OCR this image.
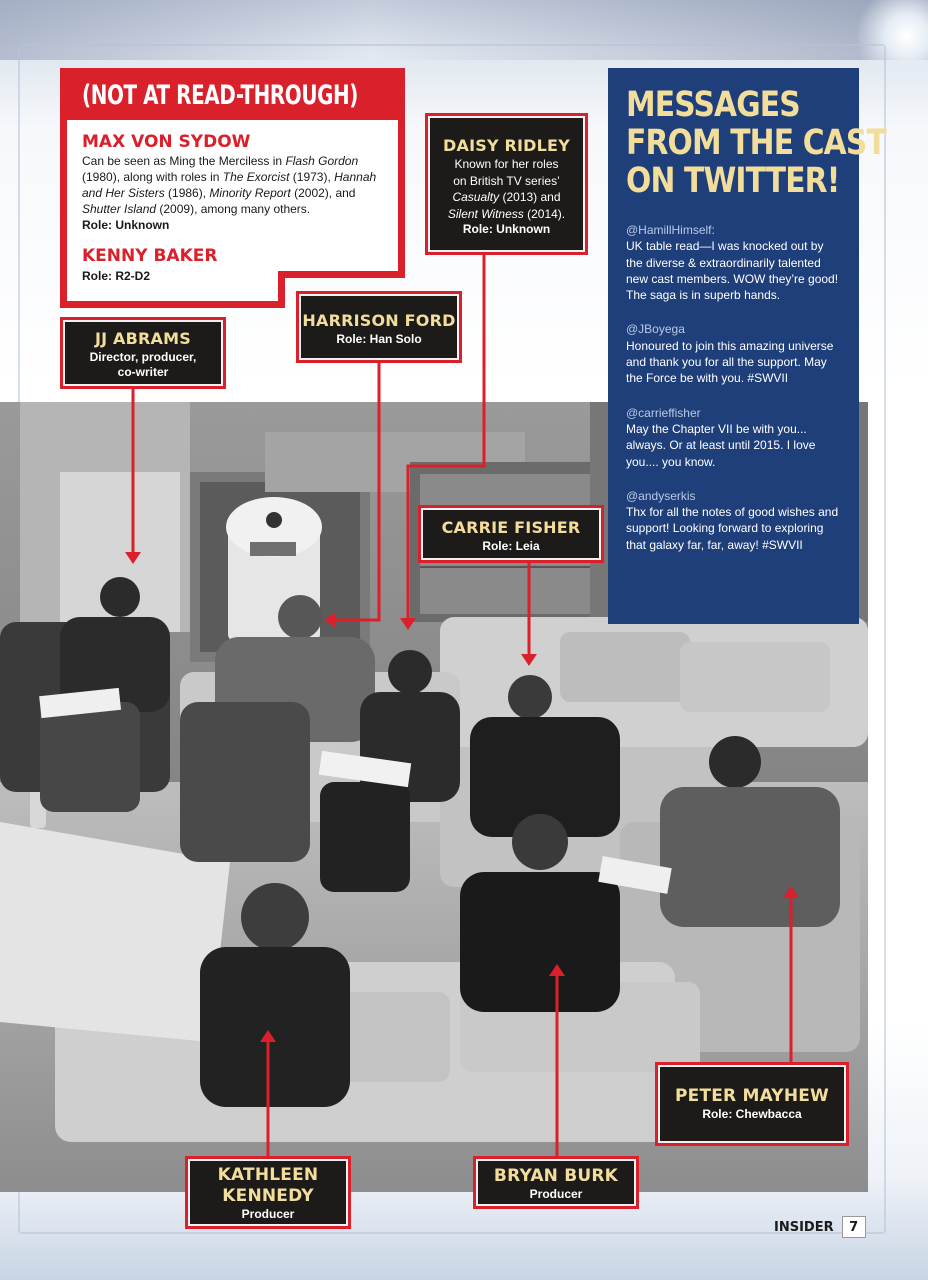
(NOT AT READ-THROUGH)
MAX VON SYDOW
Can be seen as Ming the Merciless in Flash Gordon (1980), along with roles in The Exorcist (1973), Hannah and Her Sisters (1986), Minority Report (2002), and Shutter Island (2009), among many others.
Role: Unknown
KENNY BAKER
Role: R2-D2
DAISY RIDLEY
Known for her roles
on British TV series’
Casualty (2013) and
Silent Witness (2014).
Role: Unknown
HARRISON FORD
Role: Han Solo
JJ ABRAMS
Director, producer,
co-writer
MESSAGES
FROM THE CAST
ON TWITTER!
@HamillHimself:
UK table read—I was knocked out by the diverse & extraordinarily talented new cast members. WOW they’re good! The saga is in superb hands.
@JBoyega
Honoured to join this amazing universe and thank you for all the support. May the Force be with you. #SWVII
@carrieffisher
May the Chapter VII be with you... always. Or at least until 2015. I love you.... you know.
@andyserkis
Thx for all the notes of good wishes and support! Looking forward to exploring that galaxy far, far, away! #SWVII
CARRIE FISHER
Role: Leia
PETER MAYHEW
Role: Chewbacca
KATHLEEN
KENNEDY
Producer
BRYAN BURK
Producer
INSIDER	7
